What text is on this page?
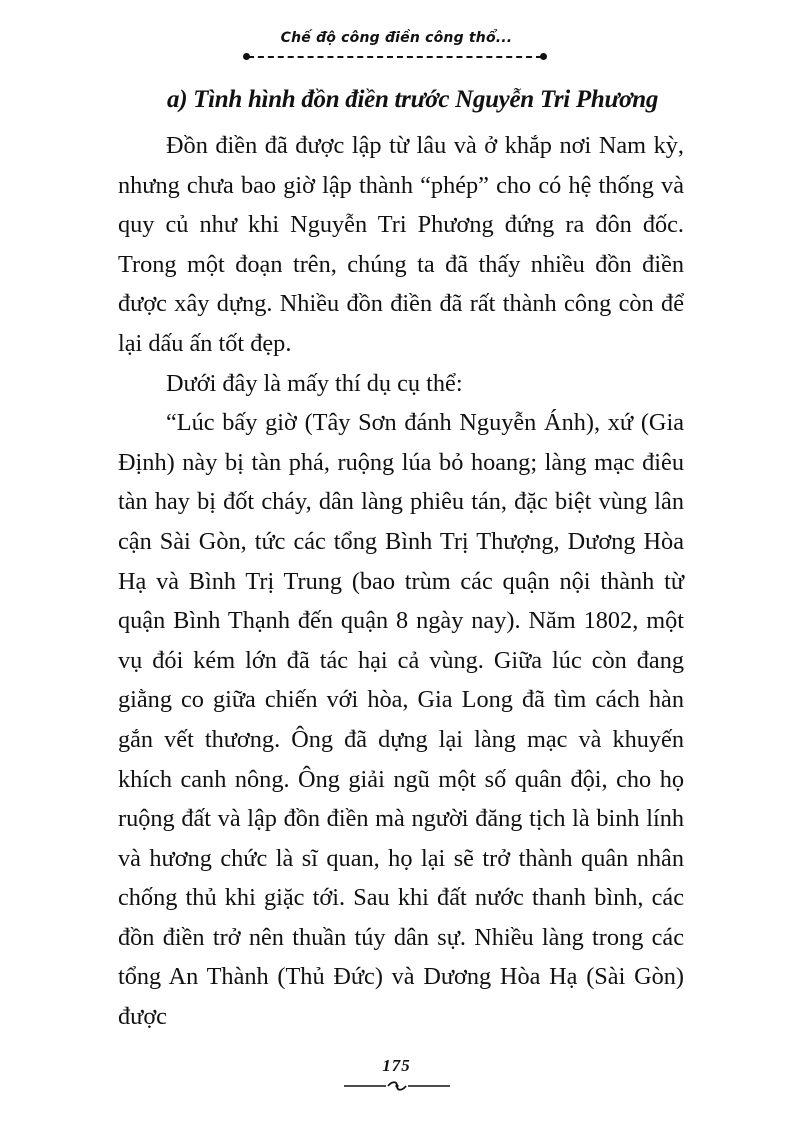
Chế độ công điền công thổ...
a) Tình hình đồn điền trước Nguyễn Tri Phương

Đồn điền đã được lập từ lâu và ở khắp nơi Nam kỳ, nhưng chưa bao giờ lập thành “phép” cho có hệ thống và quy củ như khi Nguyễn Tri Phương đứng ra đôn đốc. Trong một đoạn trên, chúng ta đã thấy nhiều đồn điền được xây dựng. Nhiều đồn điền đã rất thành công còn để lại dấu ấn tốt đẹp.

Dưới đây là mấy thí dụ cụ thể:

“Lúc bấy giờ (Tây Sơn đánh Nguyễn Ánh), xứ (Gia Định) này bị tàn phá, ruộng lúa bỏ hoang; làng mạc điêu tàn hay bị đốt cháy, dân làng phiêu tán, đặc biệt vùng lân cận Sài Gòn, tức các tổng Bình Trị Thượng, Dương Hòa Hạ và Bình Trị Trung (bao trùm các quận nội thành từ quận Bình Thạnh đến quận 8 ngày nay). Năm 1802, một vụ đói kém lớn đã tác hại cả vùng. Giữa lúc còn đang giằng co giữa chiến với hòa, Gia Long đã tìm cách hàn gắn vết thương. Ông đã dựng lại làng mạc và khuyến khích canh nông. Ông giải ngũ một số quân đội, cho họ ruộng đất và lập đồn điền mà người đăng tịch là binh lính và hương chức là sĩ quan, họ lại sẽ trở thành quân nhân chống thủ khi giặc tới. Sau khi đất nước thanh bình, các đồn điền trở nên thuần túy dân sự. Nhiều làng trong các tổng An Thành (Thủ Đức) và Dương Hòa Hạ (Sài Gòn) được

175
